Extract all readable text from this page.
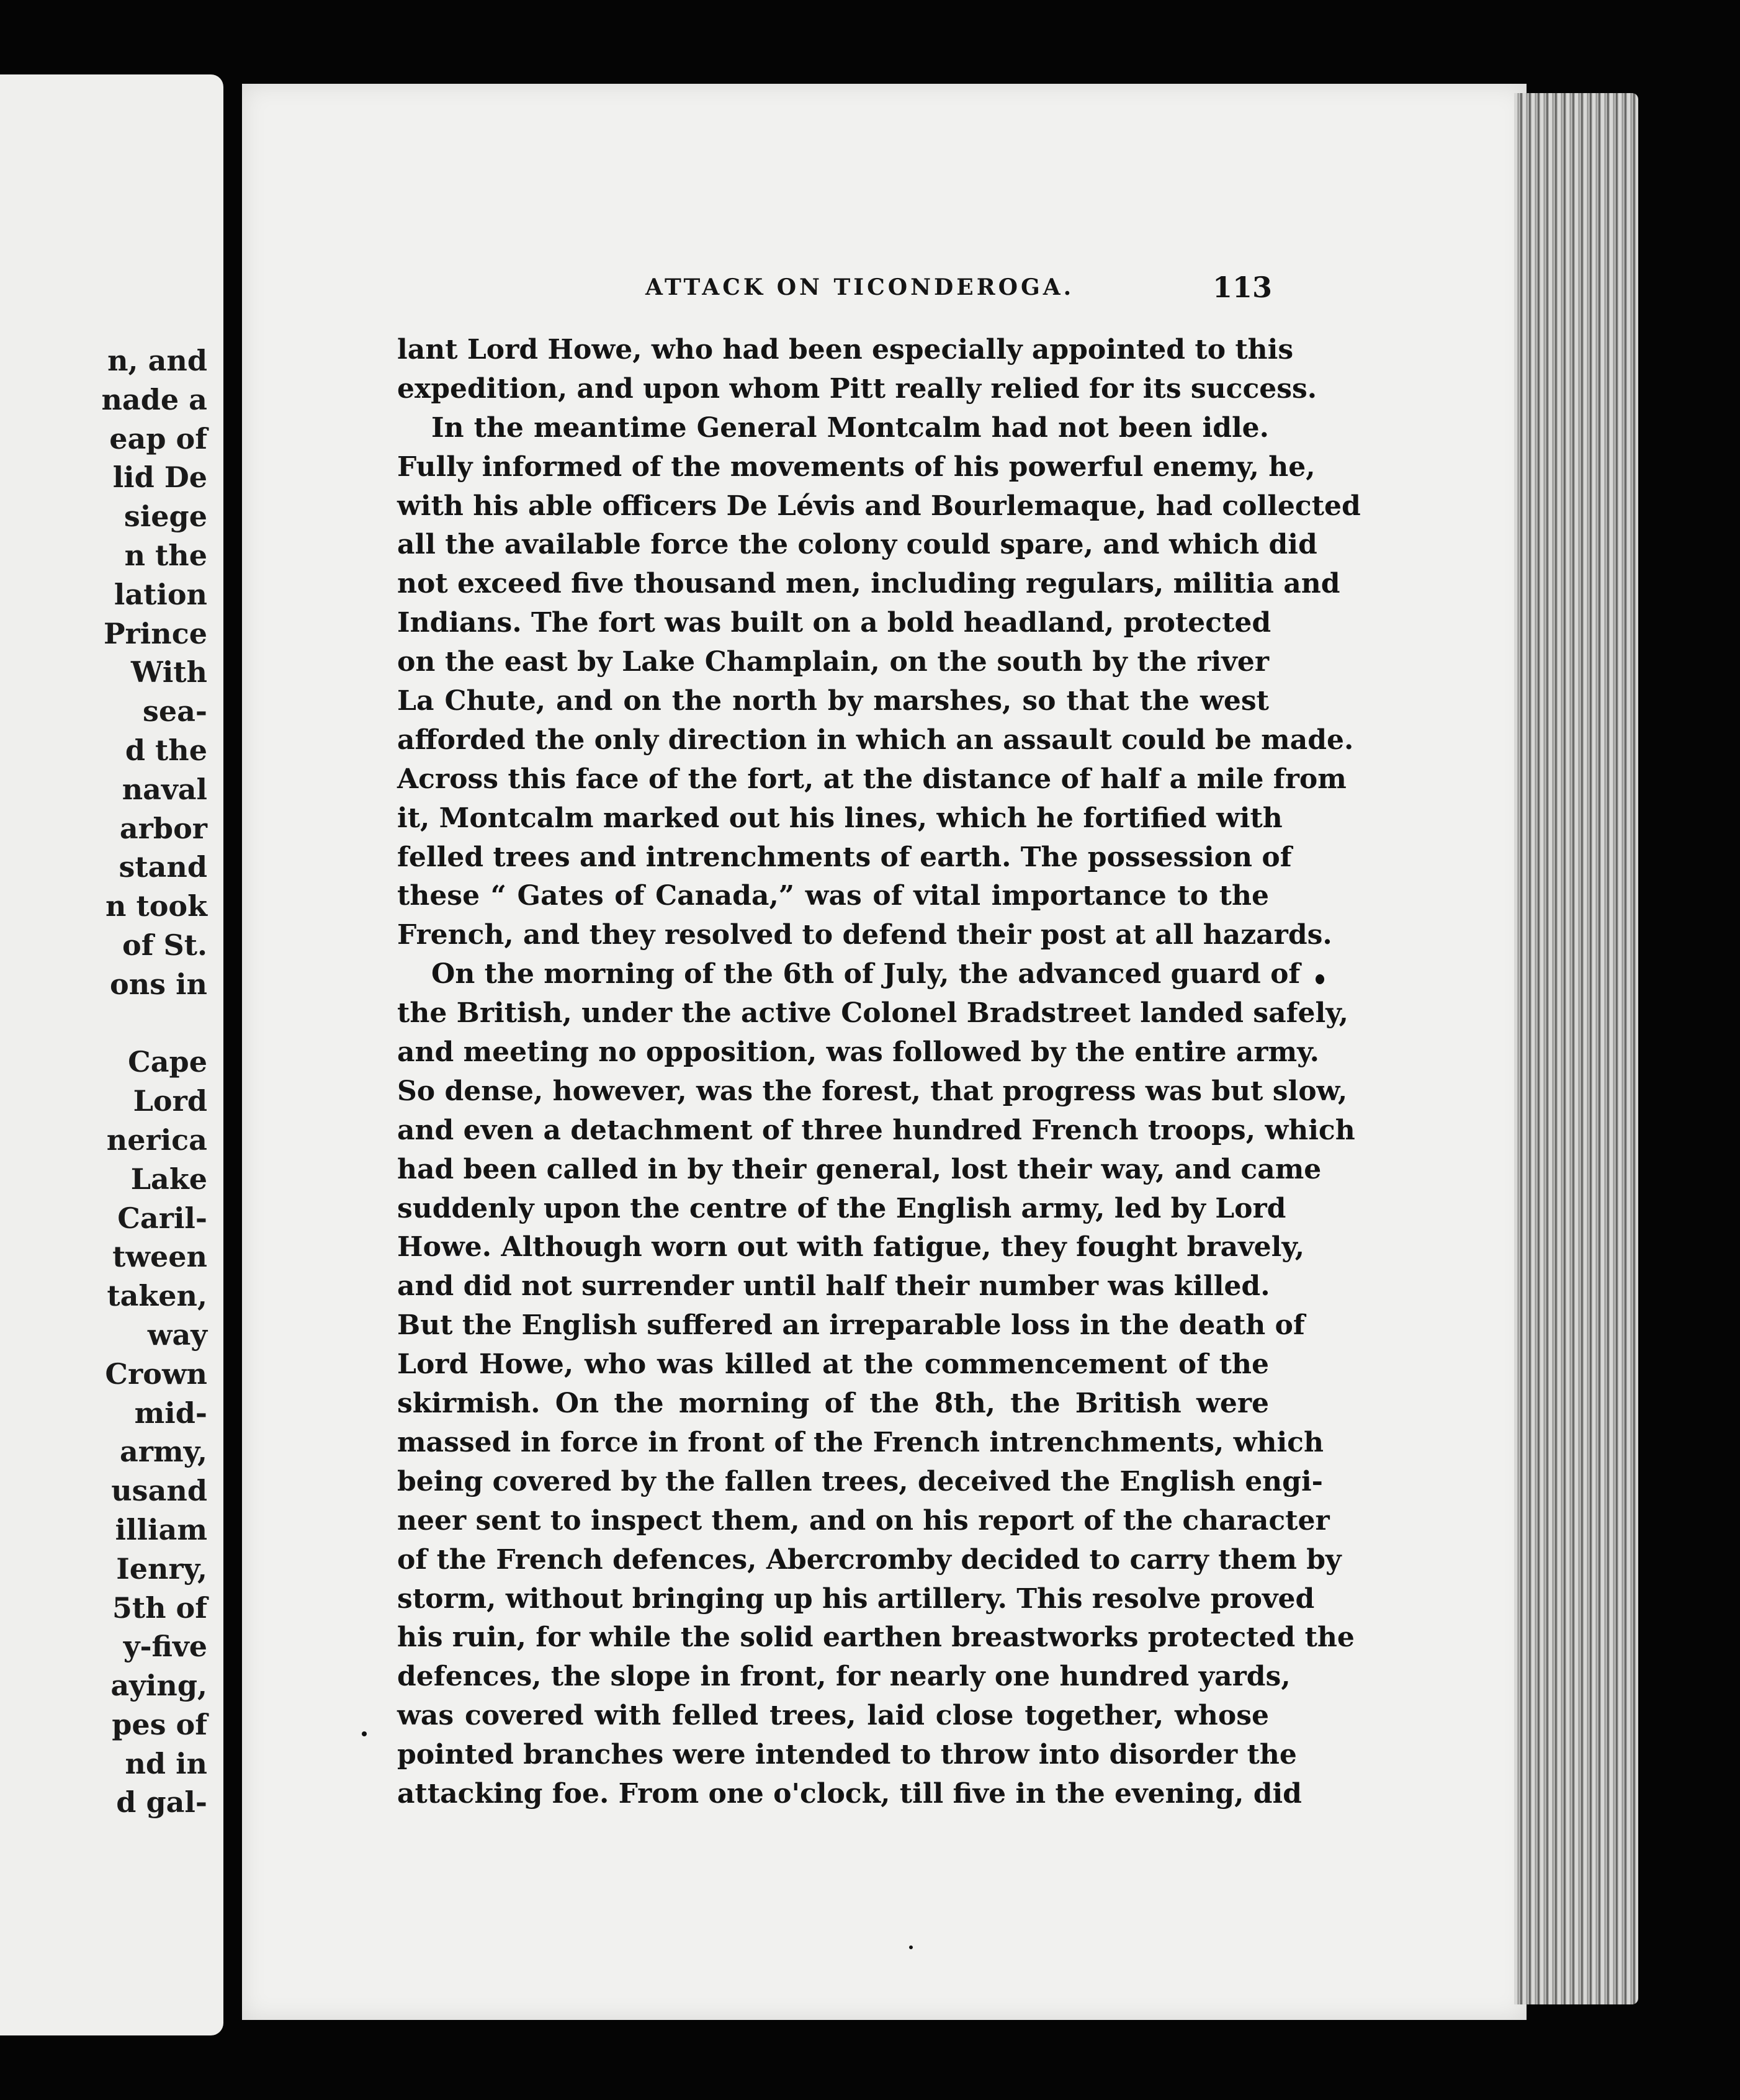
n, and
nade a
eap of
lid De
siege
n the
lation
Prince
With
sea-
d the
naval
arbor
stand
n took
of St.
ons in
Cape
Lord
nerica
Lake
Caril-
tween
taken,
way
Crown
mid-
army,
usand
illiam
Ienry,
5th of
y-five
aying,
pes of
nd in
d gal-
ATTACK ON TICONDEROGA.	113
lant Lord Howe, who had been especially appointed to this
expedition, and upon whom Pitt really relied for its success.
In the meantime General Montcalm had not been idle.
Fully informed of the movements of his powerful enemy, he,
with his able officers De Lévis and Bourlemaque, had collected
all the available force the colony could spare, and which did
not exceed five thousand men, including regulars, militia and
Indians. The fort was built on a bold headland, protected
on the east by Lake Champlain, on the south by the river
La Chute, and on the north by marshes, so that the west
afforded the only direction in which an assault could be made.
Across this face of the fort, at the distance of half a mile from
it, Montcalm marked out his lines, which he fortified with
felled trees and intrenchments of earth. The possession of
these “ Gates of Canada,” was of vital importance to the
French, and they resolved to defend their post at all hazards.
On the morning of the 6th of July, the advanced guard of
the British, under the active Colonel Bradstreet landed safely,
and meeting no opposition, was followed by the entire army.
So dense, however, was the forest, that progress was but slow,
and even a detachment of three hundred French troops, which
had been called in by their general, lost their way, and came
suddenly upon the centre of the English army, led by Lord
Howe. Although worn out with fatigue, they fought bravely,
and did not surrender until half their number was killed.
But the English suffered an irreparable loss in the death of
Lord Howe, who was killed at the commencement of the
skirmish. On the morning of the 8th, the British were
massed in force in front of the French intrenchments, which
being covered by the fallen trees, deceived the English engi-
neer sent to inspect them, and on his report of the character
of the French defences, Abercromby decided to carry them by
storm, without bringing up his artillery. This resolve proved
his ruin, for while the solid earthen breastworks protected the
defences, the slope in front, for nearly one hundred yards,
was covered with felled trees, laid close together, whose
pointed branches were intended to throw into disorder the
attacking foe. From one o'clock, till five in the evening, did
